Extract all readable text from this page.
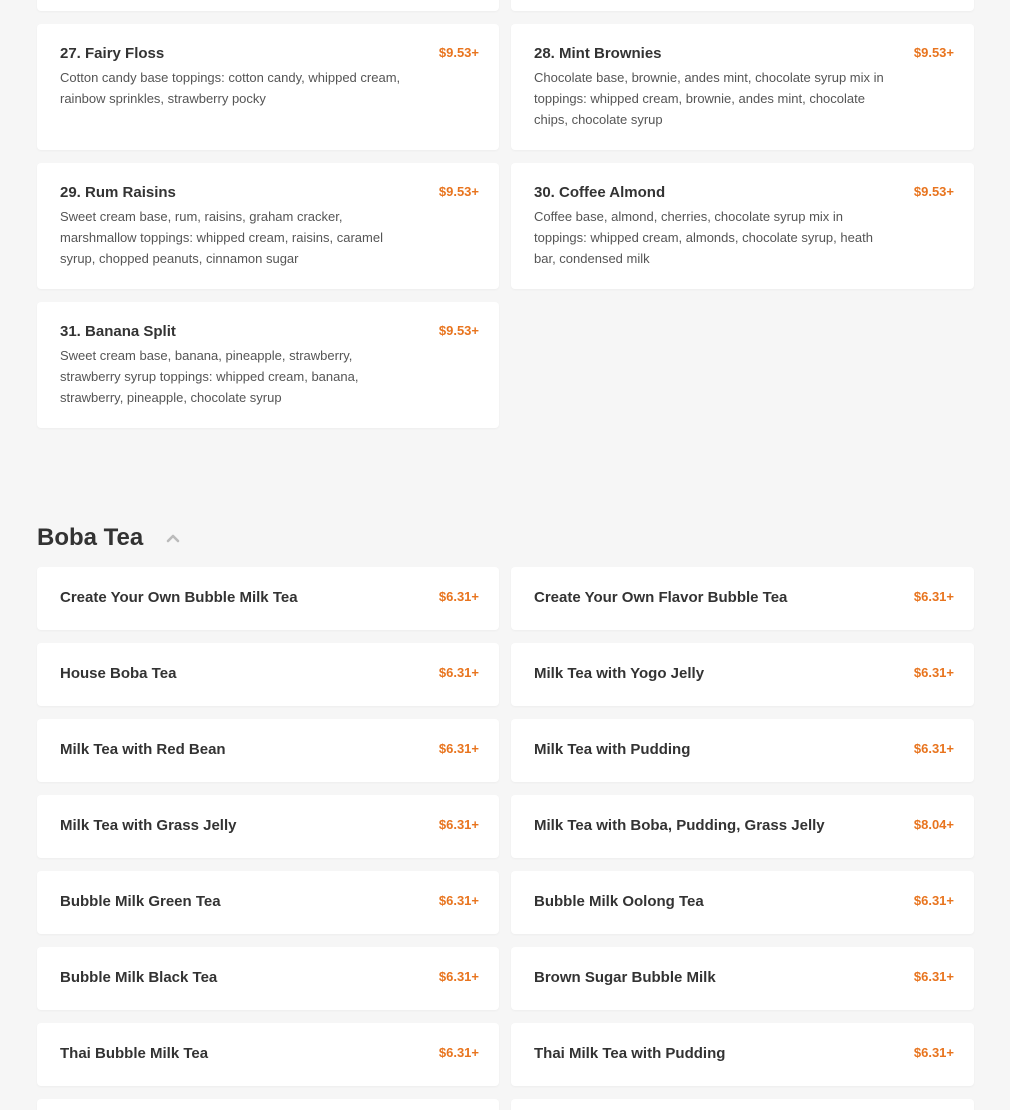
27. Fairy Floss	$9.53+
Cotton candy base toppings: cotton candy, whipped cream, rainbow sprinkles, strawberry pocky
28. Mint Brownies	$9.53+
Chocolate base, brownie, andes mint, chocolate syrup mix in toppings: whipped cream, brownie, andes mint, chocolate chips, chocolate syrup
29. Rum Raisins	$9.53+
Sweet cream base, rum, raisins, graham cracker, marshmallow toppings: whipped cream, raisins, caramel syrup, chopped peanuts, cinnamon sugar
30. Coffee Almond	$9.53+
Coffee base, almond, cherries, chocolate syrup mix in toppings: whipped cream, almonds, chocolate syrup, heath bar, condensed milk
31. Banana Split	$9.53+
Sweet cream base, banana, pineapple, strawberry, strawberry syrup toppings: whipped cream, banana, strawberry, pineapple, chocolate syrup
Boba Tea
Create Your Own Bubble Milk Tea	$6.31+	Create Your Own Flavor Bubble Tea	$6.31+
House Boba Tea	$6.31+	Milk Tea with Yogo Jelly	$6.31+
Milk Tea with Red Bean	$6.31+	Milk Tea with Pudding	$6.31+
Milk Tea with Grass Jelly	$6.31+	Milk Tea with Boba, Pudding, Grass Jelly	$8.04+
Bubble Milk Green Tea	$6.31+	Bubble Milk Oolong Tea	$6.31+
Bubble Milk Black Tea	$6.31+	Brown Sugar Bubble Milk	$6.31+
Thai Bubble Milk Tea	$6.31+	Thai Milk Tea with Pudding	$6.31+
